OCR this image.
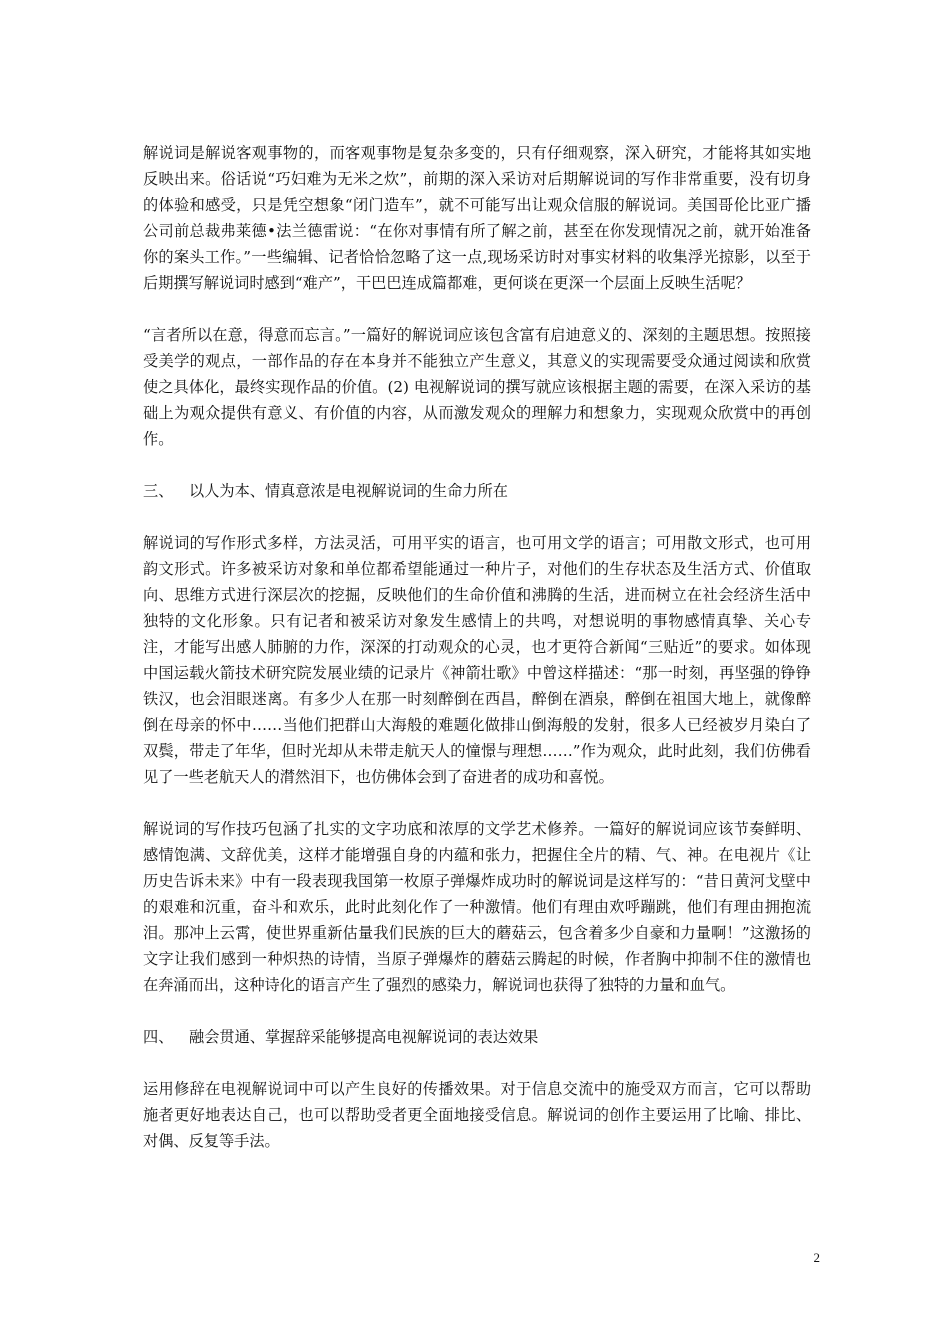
解说词是解说客观事物的，而客观事物是复杂多变的，只有仔细观察，深入研究，才能将其如实地反映出来。俗话说“巧妇难为无米之炊”，前期的深入采访对后期解说词的写作非常重要，没有切身的体验和感受，只是凭空想象“闭门造车”，就不可能写出让观众信服的解说词。美国哥伦比亚广播公司前总裁弗莱德•法兰德雷说：“在你对事情有所了解之前，甚至在你发现情况之前，就开始准备你的案头工作。”一些编辑、记者恰恰忽略了这一点,现场采访时对事实材料的收集浮光掠影，以至于后期撰写解说词时感到“难产”，干巴巴连成篇都难，更何谈在更深一个层面上反映生活呢？

“言者所以在意，得意而忘言。”一篇好的解说词应该包含富有启迪意义的、深刻的主题思想。按照接受美学的观点，一部作品的存在本身并不能独立产生意义，其意义的实现需要受众通过阅读和欣赏使之具体化，最终实现作品的价值。(2) 电视解说词的撰写就应该根据主题的需要，在深入采访的基础上为观众提供有意义、有价值的内容，从而激发观众的理解力和想象力，实现观众欣赏中的再创作。

三、 以人为本、情真意浓是电视解说词的生命力所在

解说词的写作形式多样，方法灵活，可用平实的语言，也可用文学的语言；可用散文形式，也可用韵文形式。许多被采访对象和单位都希望能通过一种片子，对他们的生存状态及生活方式、价值取向、思维方式进行深层次的挖掘，反映他们的生命价值和沸腾的生活，进而树立在社会经济生活中独特的文化形象。只有记者和被采访对象发生感情上的共鸣，对想说明的事物感情真挚、关心专注，才能写出感人肺腑的力作，深深的打动观众的心灵，也才更符合新闻“三贴近”的要求。如体现中国运载火箭技术研究院发展业绩的记录片《神箭壮歌》中曾这样描述：“那一时刻，再坚强的铮铮铁汉，也会泪眼迷离。有多少人在那一时刻醉倒在西昌，醉倒在酒泉，醉倒在祖国大地上，就像醉倒在母亲的怀中……当他们把群山大海般的难题化做排山倒海般的发射，很多人已经被岁月染白了双鬓，带走了年华，但时光却从未带走航天人的憧憬与理想……”作为观众，此时此刻，我们仿佛看见了一些老航天人的潸然泪下，也仿佛体会到了奋进者的成功和喜悦。

解说词的写作技巧包涵了扎实的文字功底和浓厚的文学艺术修养。一篇好的解说词应该节奏鲜明、感情饱满、文辞优美，这样才能增强自身的内蕴和张力，把握住全片的精、气、神。在电视片《让历史告诉未来》中有一段表现我国第一枚原子弹爆炸成功时的解说词是这样写的：“昔日黄河戈壁中的艰难和沉重，奋斗和欢乐，此时此刻化作了一种激情。他们有理由欢呼蹦跳，他们有理由拥抱流泪。那冲上云霄，使世界重新估量我们民族的巨大的蘑菇云，包含着多少自豪和力量啊！”这激扬的文字让我们感到一种炽热的诗情，当原子弹爆炸的蘑菇云腾起的时候，作者胸中抑制不住的激情也在奔涌而出，这种诗化的语言产生了强烈的感染力，解说词也获得了独特的力量和血气。

四、 融会贯通、掌握辞采能够提高电视解说词的表达效果

运用修辞在电视解说词中可以产生良好的传播效果。对于信息交流中的施受双方而言，它可以帮助施者更好地表达自己，也可以帮助受者更全面地接受信息。解说词的创作主要运用了比喻、排比、对偶、反复等手法。

2
